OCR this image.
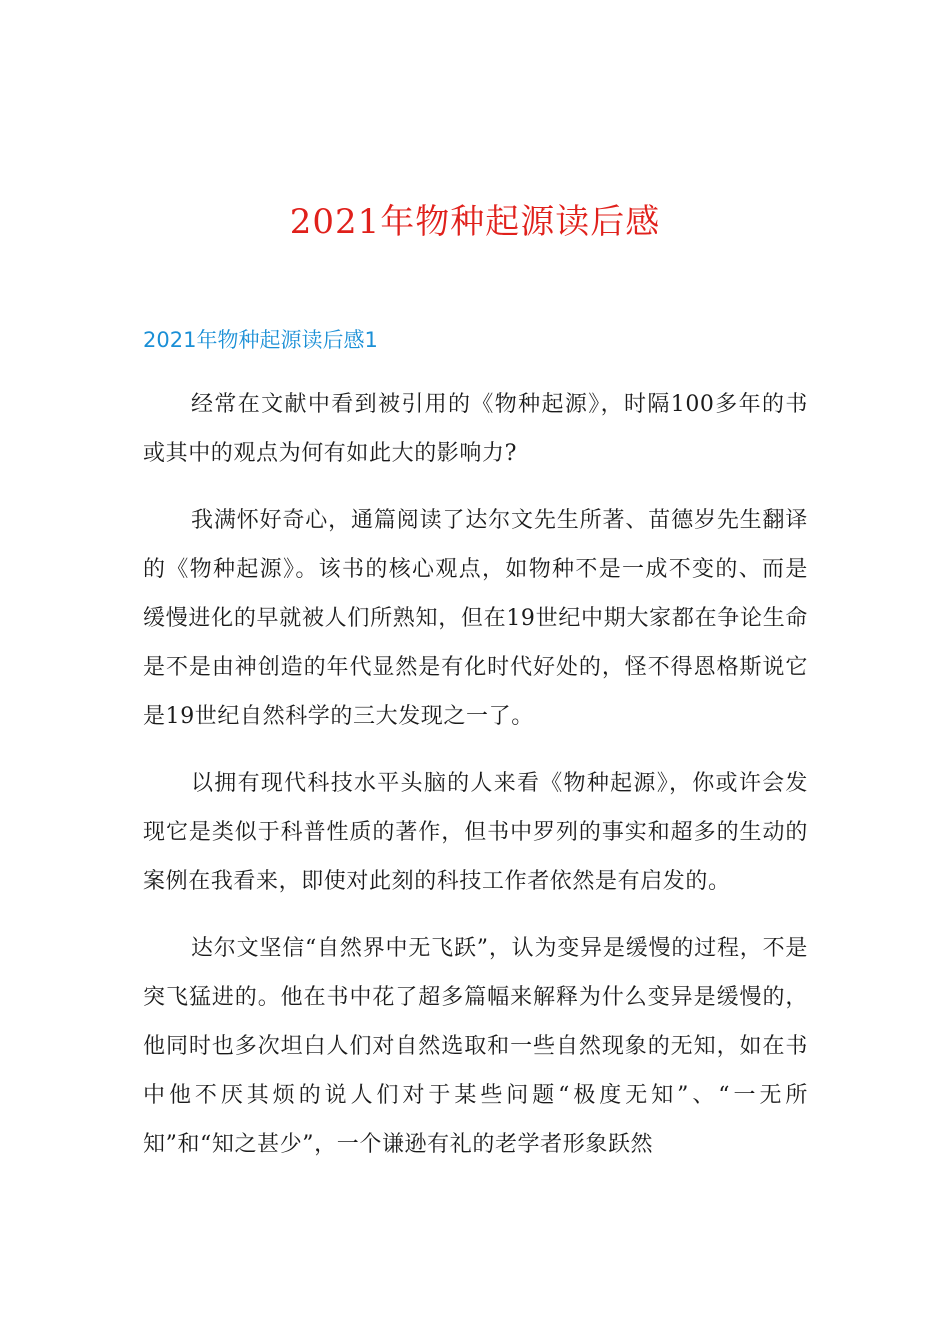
2021年物种起源读后感
2021年物种起源读后感1

经常在文献中看到被引用的《物种起源》，时隔100多年的书或其中的观点为何有如此大的影响力?

我满怀好奇心，通篇阅读了达尔文先生所著、苗德岁先生翻译的《物种起源》。该书的核心观点，如物种不是一成不变的、而是缓慢进化的早就被人们所熟知，但在19世纪中期大家都在争论生命是不是由神创造的年代显然是有化时代好处的，怪不得恩格斯说它是19世纪自然科学的三大发现之一了。

以拥有现代科技水平头脑的人来看《物种起源》，你或许会发现它是类似于科普性质的著作，但书中罗列的事实和超多的生动的案例在我看来，即使对此刻的科技工作者依然是有启发的。

达尔文坚信“自然界中无飞跃”，认为变异是缓慢的过程，不是突飞猛进的。他在书中花了超多篇幅来解释为什么变异是缓慢的，他同时也多次坦白人们对自然选取和一些自然现象的无知，如在书中他不厌其烦的说人们对于某些问题“极度无知”、“一无所知”和“知之甚少”，一个谦逊有礼的老学者形象跃然
